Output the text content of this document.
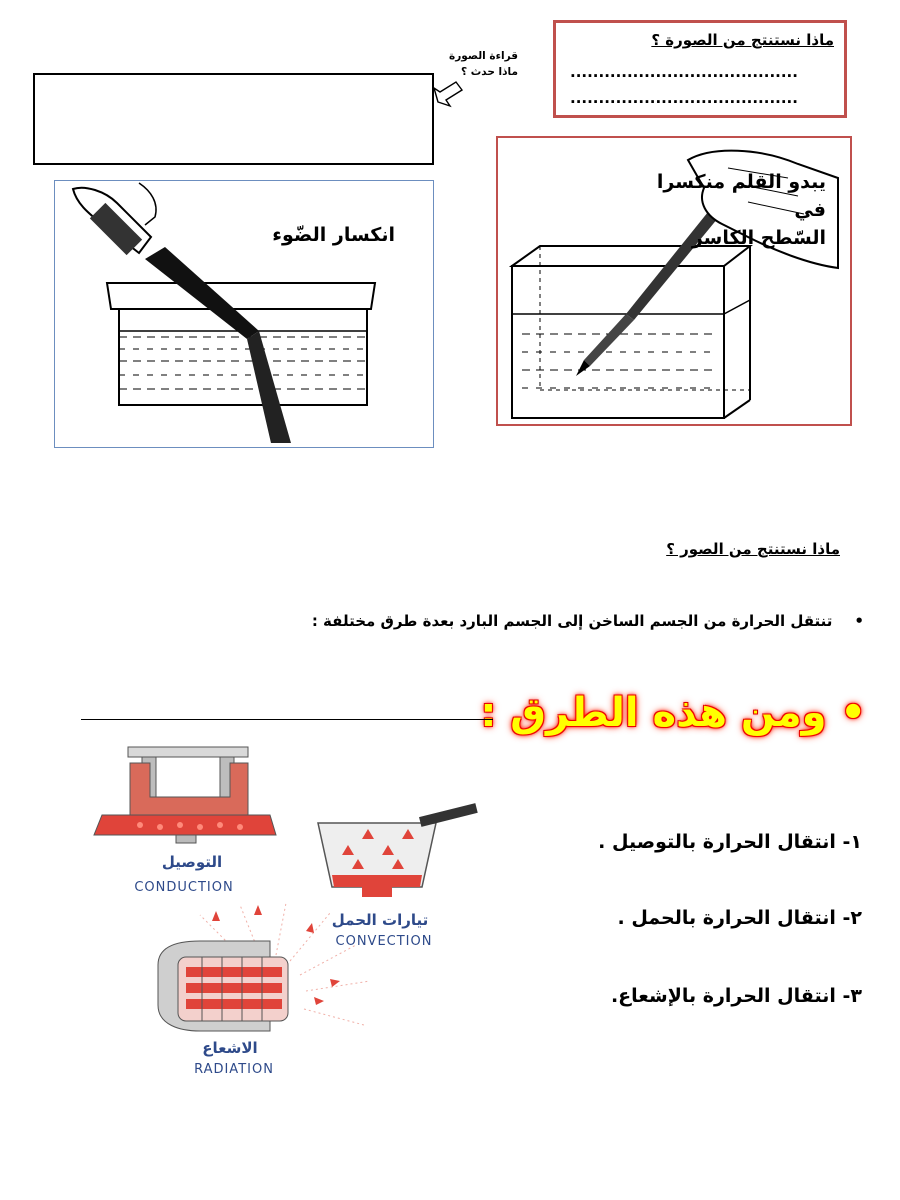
ماذا نستنتج من الصورة ؟
........................................
........................................
قراءة الصورة
ماذا حدث ؟
انكسار الضّوء
يبدو القلم منكسرا في
السّطح الكاسر
ماذا نستنتج من الصور ؟
•تنتقل الحرارة من الجسم الساخن إلى الجسم البارد بعدة طرق مختلفة :
• ومن هذه الطرق :
١- انتقال الحرارة بالتوصيل .
٢- انتقال الحرارة بالحمل .
٣- انتقال الحرارة بالإشعاع.
التوصيل
CONDUCTION
تيارات الحمل
CONVECTION
الاشعاع
RADIATION
